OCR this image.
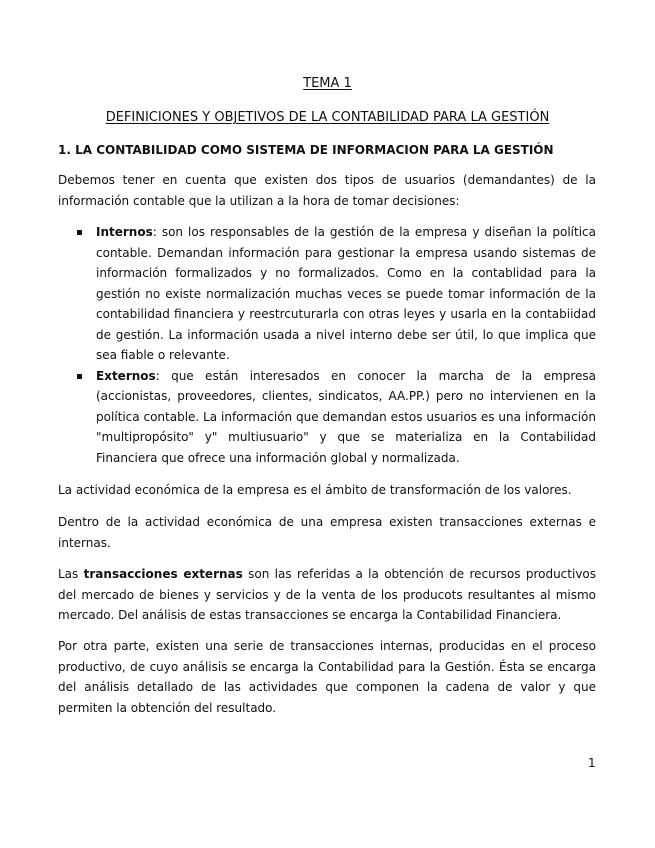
TEMA 1
DEFINICIONES Y OBJETIVOS DE LA CONTABILIDAD PARA LA GESTIÓN
1. LA CONTABILIDAD COMO SISTEMA DE INFORMACION PARA LA GESTIÓN

Debemos tener en cuenta que existen dos tipos de usuarios (demandantes) de la información contable que la utilizan a la hora de tomar decisiones:

Internos: son los responsables de la gestión de la empresa y diseñan la política contable. Demandan información para gestionar la empresa usando sistemas de información formalizados y no formalizados. Como en la contablidad para la gestión no existe normalización muchas veces se puede tomar información de la contabilidad financiera y reestrcuturarla con otras leyes y usarla en la contabiidad de gestión. La información usada a nivel interno debe ser útil, lo que implica que sea fiable o relevante.
Externos: que están interesados en conocer la marcha de la empresa (accionistas, proveedores, clientes, sindicatos, AA.PP.) pero no intervienen en la política contable. La información que demandan estos usuarios es una información "multipropósito" y" multiusuario" y que se materializa en la Contabilidad Financiera que ofrece una información global y normalizada.

La actividad económica de la empresa es el ámbito de transformación de los valores.

Dentro de la actividad económica de una empresa existen transacciones externas e internas.

Las transacciones externas son las referidas a la obtención de recursos productivos del mercado de bienes y servicios y de la venta de los producots resultantes al mismo mercado. Del análisis de estas transacciones se encarga la Contabilidad Financiera.

Por otra parte, existen una serie de transacciones internas, producidas en el proceso productivo, de cuyo análisis se encarga la Contabilidad para la Gestión. Ésta se encarga del análisis detallado de las actividades que componen la cadena de valor y que permiten la obtención del resultado.

1
